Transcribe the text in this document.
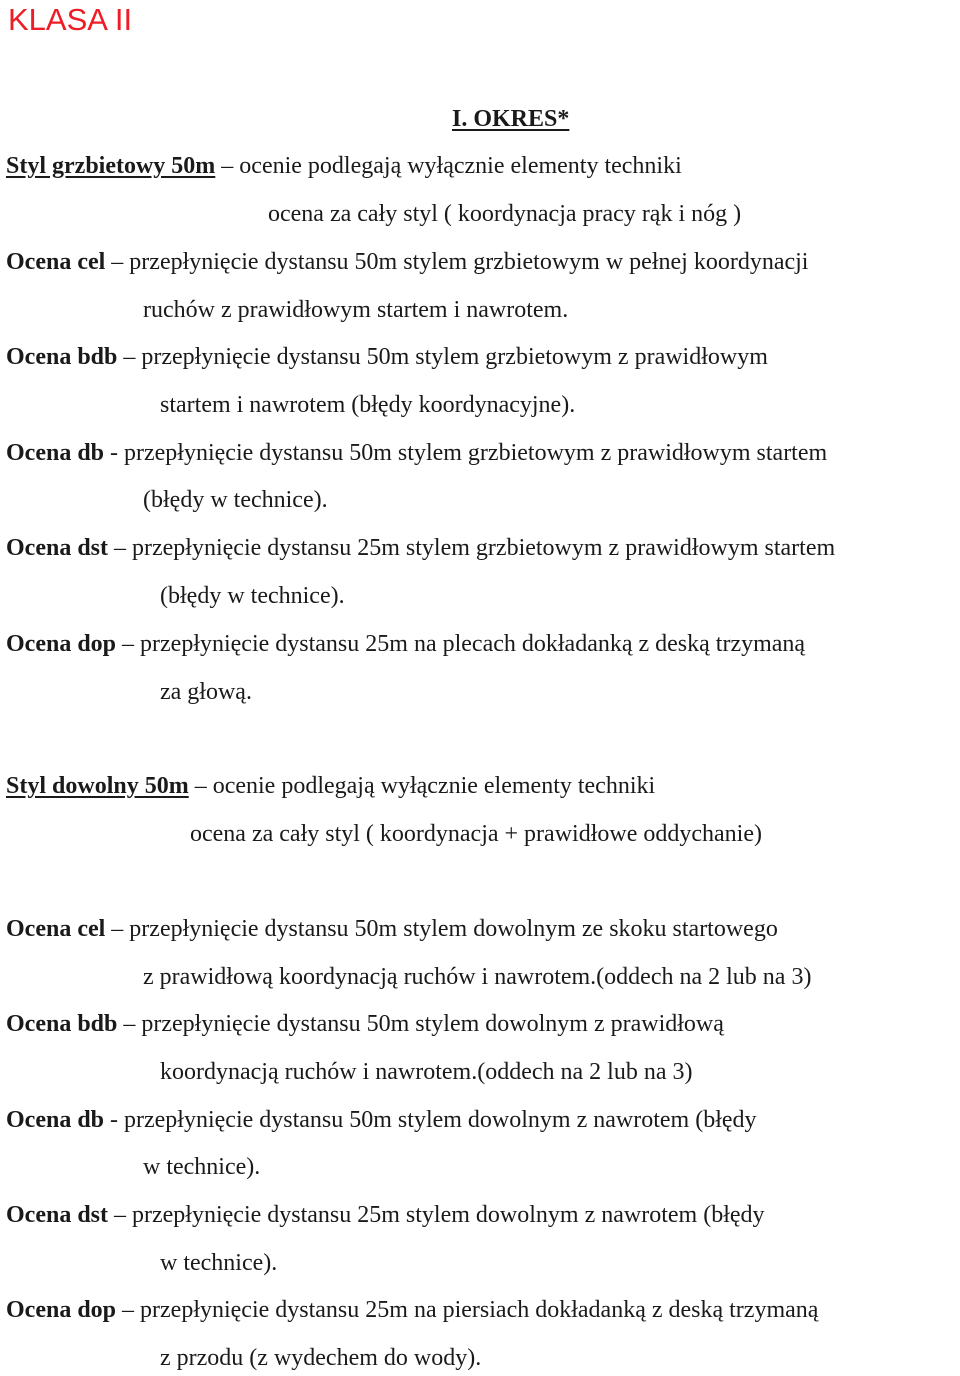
KLASA II
I. OKRES*
Styl grzbietowy 50m – ocenie podlegają wyłącznie elementy techniki
ocena za cały styl ( koordynacja pracy rąk i nóg )
Ocena cel – przepłynięcie dystansu 50m stylem grzbietowym w pełnej koordynacji
ruchów z prawidłowym startem i nawrotem.
Ocena bdb – przepłynięcie dystansu 50m stylem grzbietowym z prawidłowym
startem i nawrotem (błędy koordynacyjne).
Ocena db - przepłynięcie dystansu 50m stylem grzbietowym z prawidłowym startem
(błędy w technice).
Ocena dst – przepłynięcie dystansu 25m stylem grzbietowym z prawidłowym startem
(błędy w technice).
Ocena dop – przepłynięcie dystansu 25m na plecach dokładanką z deską trzymaną
za głową.
Styl dowolny 50m – ocenie podlegają wyłącznie elementy techniki
ocena za cały styl ( koordynacja + prawidłowe oddychanie)
Ocena cel – przepłynięcie dystansu 50m stylem dowolnym ze skoku startowego
z prawidłową koordynacją ruchów i nawrotem.(oddech na 2 lub na 3)
Ocena bdb – przepłynięcie dystansu 50m stylem dowolnym z prawidłową
koordynacją ruchów i nawrotem.(oddech na 2 lub na 3)
Ocena db - przepłynięcie dystansu 50m stylem dowolnym z nawrotem (błędy
w technice).
Ocena dst – przepłynięcie dystansu 25m stylem dowolnym z nawrotem (błędy
w technice).
Ocena dop – przepłynięcie dystansu 25m na piersiach dokładanką z deską trzymaną
z przodu (z wydechem do wody).
